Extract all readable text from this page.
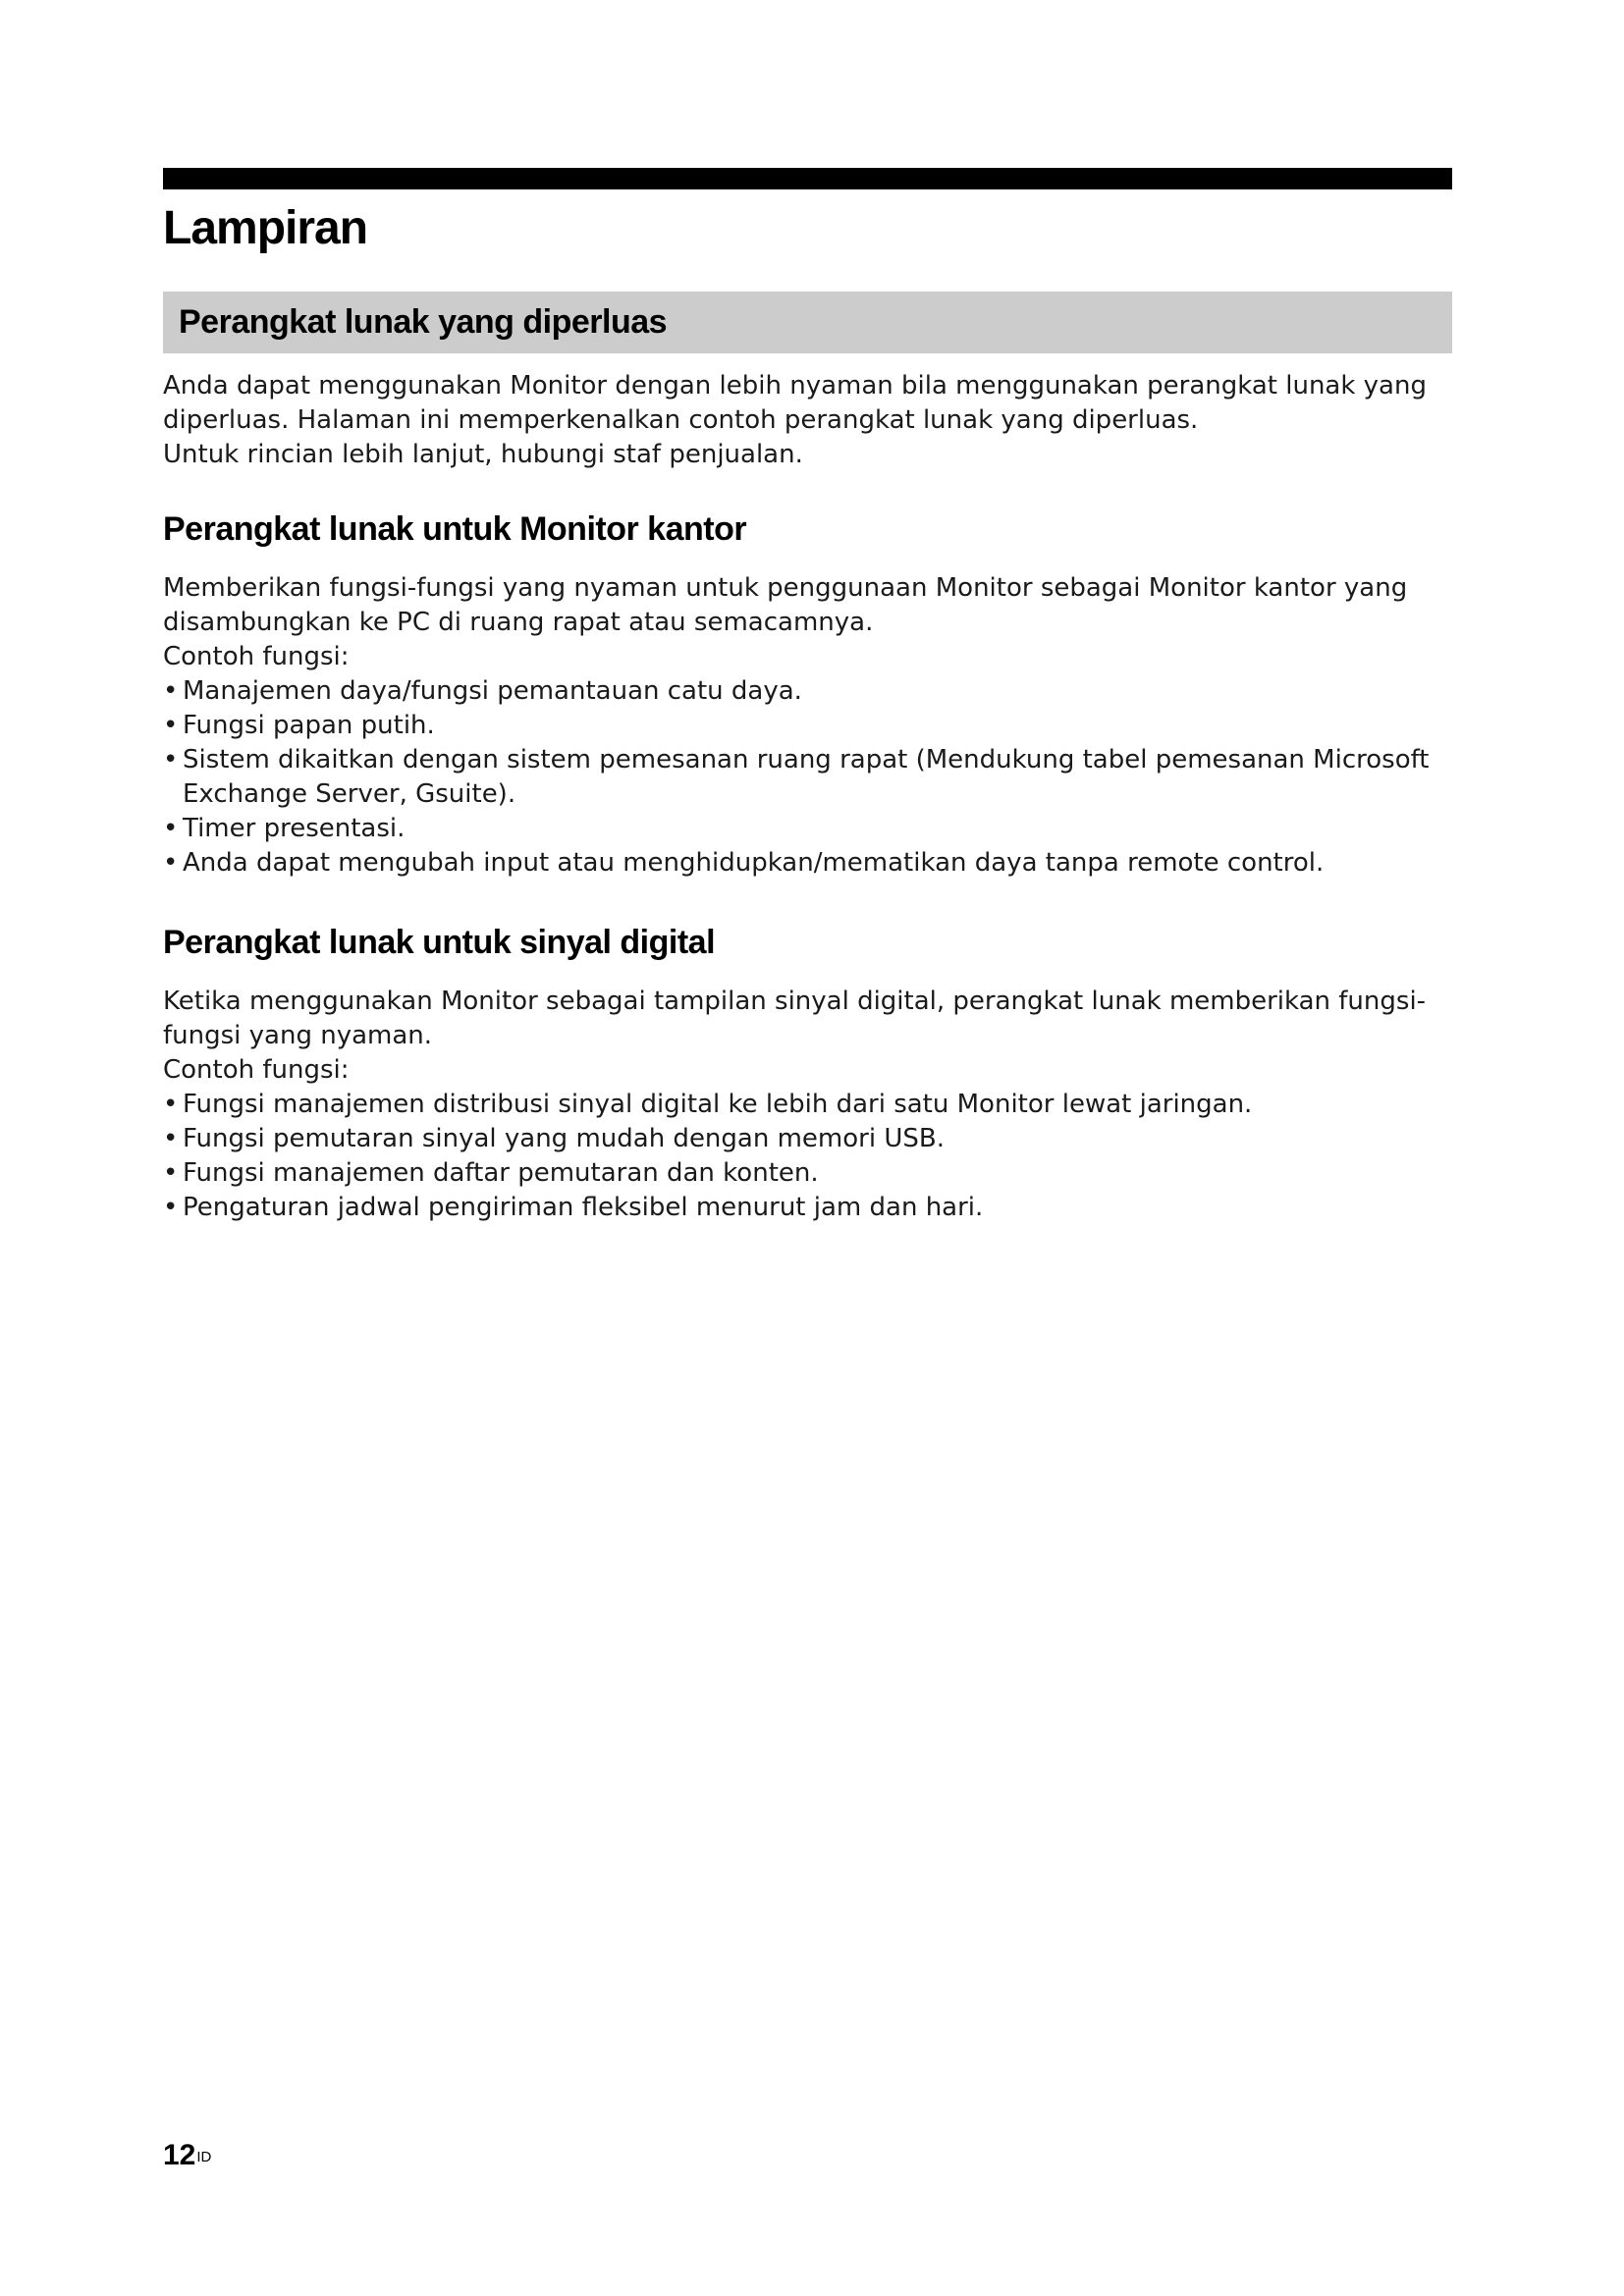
Lampiran
Perangkat lunak yang diperluas

Anda dapat menggunakan Monitor dengan lebih nyaman bila menggunakan perangkat lunak yang diperluas. Halaman ini memperkenalkan contoh perangkat lunak yang diperluas.

Untuk rincian lebih lanjut, hubungi staf penjualan.

Perangkat lunak untuk Monitor kantor

Memberikan fungsi-fungsi yang nyaman untuk penggunaan Monitor sebagai Monitor kantor yang disambungkan ke PC di ruang rapat atau semacamnya.

Contoh fungsi:

• Manajemen daya/fungsi pemantauan catu daya.
• Fungsi papan putih.
• Sistem dikaitkan dengan sistem pemesanan ruang rapat (Mendukung tabel pemesanan Microsoft Exchange Server, Gsuite).
• Timer presentasi.
• Anda dapat mengubah input atau menghidupkan/mematikan daya tanpa remote control.
Perangkat lunak untuk sinyal digital

Ketika menggunakan Monitor sebagai tampilan sinyal digital, perangkat lunak memberikan fungsi-fungsi yang nyaman.

Contoh fungsi:

• Fungsi manajemen distribusi sinyal digital ke lebih dari satu Monitor lewat jaringan.
• Fungsi pemutaran sinyal yang mudah dengan memori USB.
• Fungsi manajemen daftar pemutaran dan konten.
• Pengaturan jadwal pengiriman fleksibel menurut jam dan hari.
$12^{ID}$
